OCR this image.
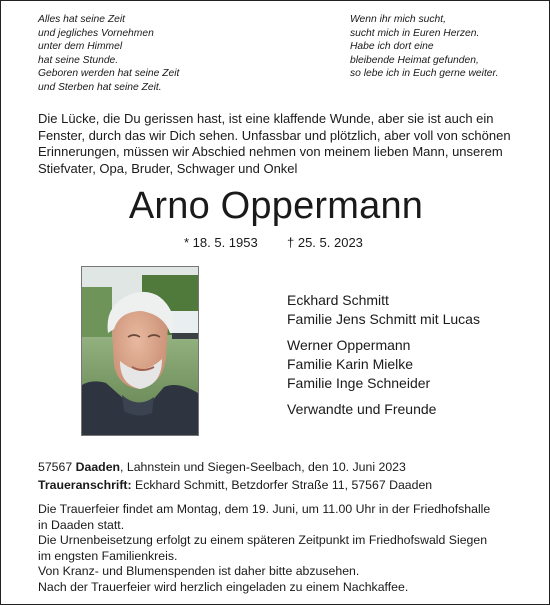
Alles hat seine Zeit
und jegliches Vornehmen
unter dem Himmel
hat seine Stunde.
Geboren werden hat seine Zeit
und Sterben hat seine Zeit.
Wenn ihr mich sucht,
sucht mich in Euren Herzen.
Habe ich dort eine
bleibende Heimat gefunden,
so lebe ich in Euch gerne weiter.
Die Lücke, die Du gerissen hast, ist eine klaffende Wunde, aber sie ist auch ein
Fenster, durch das wir Dich sehen. Unfassbar und plötzlich, aber voll von schönen
Erinnerungen, müssen wir Abschied nehmen von meinem lieben Mann, unserem
Stiefvater, Opa, Bruder, Schwager und Onkel
Arno Oppermann
* 18. 5. 1953 † 25. 5. 2023
Eckhard Schmitt
Familie Jens Schmitt mit Lucas
Werner Oppermann
Familie Karin Mielke
Familie Inge Schneider
Verwandte und Freunde
57567 Daaden, Lahnstein und Siegen-Seelbach, den 10. Juni 2023
Traueranschrift: Eckhard Schmitt, Betzdorfer Straße 11, 57567 Daaden
Die Trauerfeier findet am Montag, dem 19. Juni, um 11.00 Uhr in der Friedhofshalle
in Daaden statt.
Die Urnenbeisetzung erfolgt zu einem späteren Zeitpunkt im Friedhofswald Siegen
im engsten Familienkreis.
Von Kranz- und Blumenspenden ist daher bitte abzusehen.
Nach der Trauerfeier wird herzlich eingeladen zu einem Nachkaffee.
